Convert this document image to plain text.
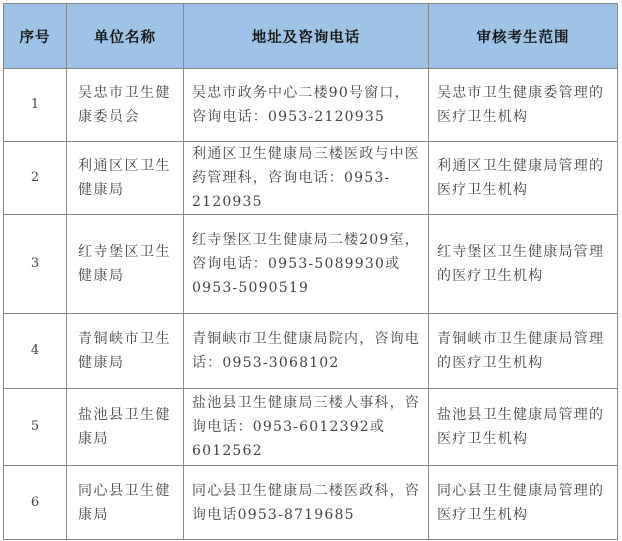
序号	单位名称	地址及咨询电话	审核考生范围
1	吴忠市卫生健康委员会	吴忠市政务中心二楼90号窗口，咨询电话：0953-2120935	吴忠市卫生健康委管理的医疗卫生机构
2	利通区区卫生健康局	利通区卫生健康局三楼医政与中医药管理科，咨询电话：0953-2120935	利通区卫生健康局管理的医疗卫生机构
3	红寺堡区卫生健康局	红寺堡区卫生健康局二楼209室，咨询电话：0953-5089930或0953-5090519	红寺堡区卫生健康局管理的医疗卫生机构
4	青铜峡市卫生健康局	青铜峡市卫生健康局院内，咨询电话：0953-3068102	青铜峡市卫生健康局管理的医疗卫生机构
5	盐池县卫生健康局	盐池县卫生健康局三楼人事科，咨询电话：0953-6012392或6012562	盐池县卫生健康局管理的医疗卫生机构
6	同心县卫生健康局	同心县卫生健康局二楼医政科，咨询电话0953-8719685	同心县卫生健康局管理的医疗卫生机构
